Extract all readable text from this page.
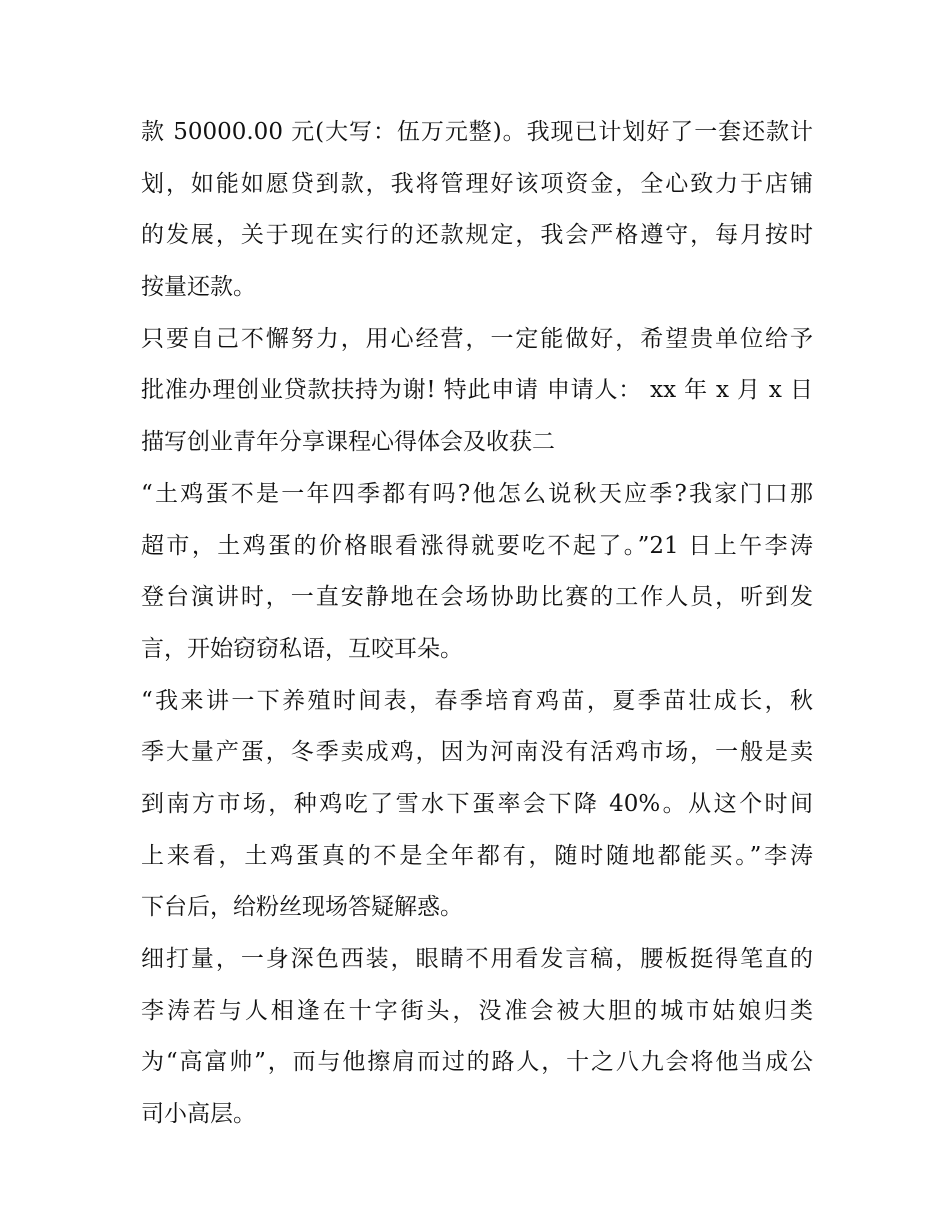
款 50000.00 元(大写：伍万元整)。我现已计划好了一套还款计
划，如能如愿贷到款，我将管理好该项资金，全心致力于店铺
的发展，关于现在实行的还款规定，我会严格遵守，每月按时
按量还款。
只要自己不懈努力，用心经营，一定能做好，希望贵单位给予
批准办理创业贷款扶持为谢! 特此申请 申请人： xx 年 x 月 x 日
描写创业青年分享课程心得体会及收获二
“土鸡蛋不是一年四季都有吗?他怎么说秋天应季?我家门口那
超市，土鸡蛋的价格眼看涨得就要吃不起了。”21 日上午李涛
登台演讲时，一直安静地在会场协助比赛的工作人员，听到发
言，开始窃窃私语，互咬耳朵。
“我来讲一下养殖时间表，春季培育鸡苗，夏季苗壮成长，秋
季大量产蛋，冬季卖成鸡，因为河南没有活鸡市场，一般是卖
到南方市场，种鸡吃了雪水下蛋率会下降 40%。从这个时间
上来看，土鸡蛋真的不是全年都有，随时随地都能买。”李涛
下台后，给粉丝现场答疑解惑。
细打量，一身深色西装，眼睛不用看发言稿，腰板挺得笔直的
李涛若与人相逢在十字街头，没准会被大胆的城市姑娘归类
为“高富帅”，而与他擦肩而过的路人，十之八九会将他当成公
司小高层。
